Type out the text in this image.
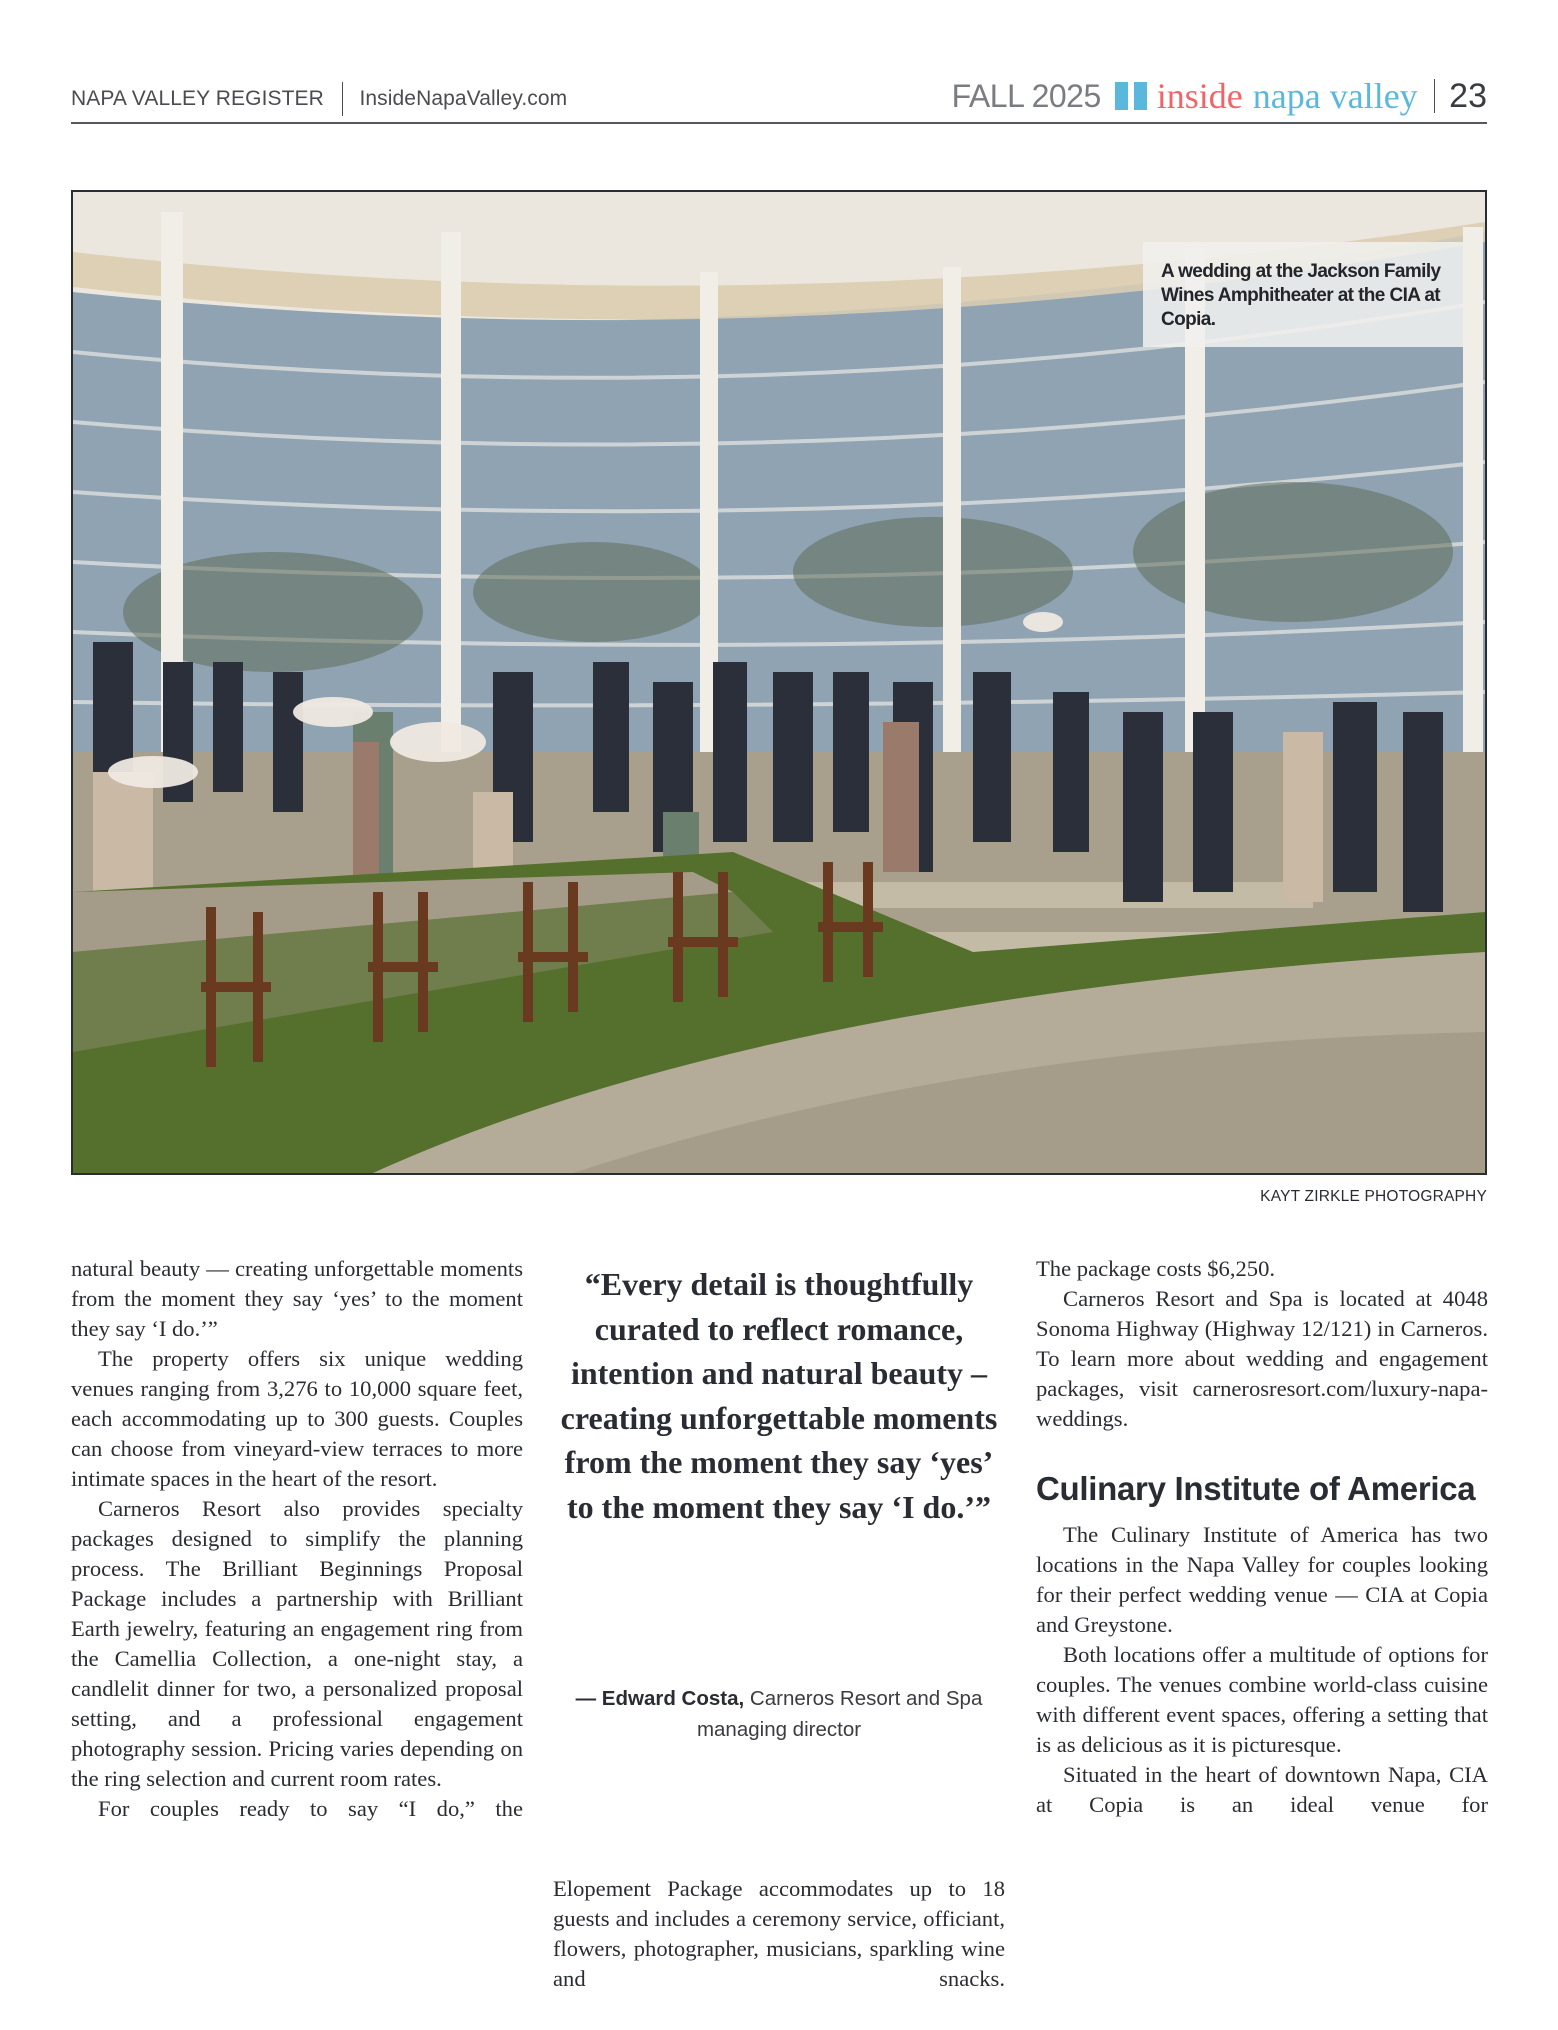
NAPA VALLEY REGISTER InsideNapaValley.com	FALL 2025 inside napa valley 23
A wedding at the Jackson Family Wines Amphitheater at the CIA at Copia.
KAYT ZIRKLE PHOTOGRAPHY

natural beauty — creating unforgettable moments from the moment they say ‘yes’ to the moment they say ‘I do.’”

The property offers six unique wedding venues ranging from 3,276 to 10,000 square feet, each accommodating up to 300 guests. Couples can choose from vineyard-view terraces to more intimate spaces in the heart of the resort.

Carneros Resort also provides specialty packages designed to simplify the planning process. The Brilliant Beginnings Proposal Package includes a partnership with Brilliant Earth jewelry, featuring an engagement ring from the Camellia Collection, a one-night stay, a candlelit dinner for two, a personalized proposal setting, and a professional engagement photography session. Pricing varies depending on the ring selection and current room rates.

For couples ready to say “I do,” the

“Every detail is thoughtfully curated to reflect romance, intention and natural beauty – creating unforgettable moments from the moment they say ‘yes’ to the moment they say ‘I do.’”
— Edward Costa, Carneros Resort and Spa managing director

Elopement Package accommodates up to 18 guests and includes a ceremony service, officiant, flowers, photographer, musicians, sparkling wine and snacks.

The package costs $6,250.

Carneros Resort and Spa is located at 4048 Sonoma Highway (Highway 12/121) in Carneros. To learn more about wedding and engagement packages, visit carnerosresort.com/luxury-napa-weddings.

Culinary Institute of America

The Culinary Institute of America has two locations in the Napa Valley for couples looking for their perfect wedding venue — CIA at Copia and Greystone.

Both locations offer a multitude of options for couples. The venues combine world-class cuisine with different event spaces, offering a setting that is as delicious as it is picturesque.

Situated in the heart of downtown Napa, CIA at Copia is an ideal venue for
